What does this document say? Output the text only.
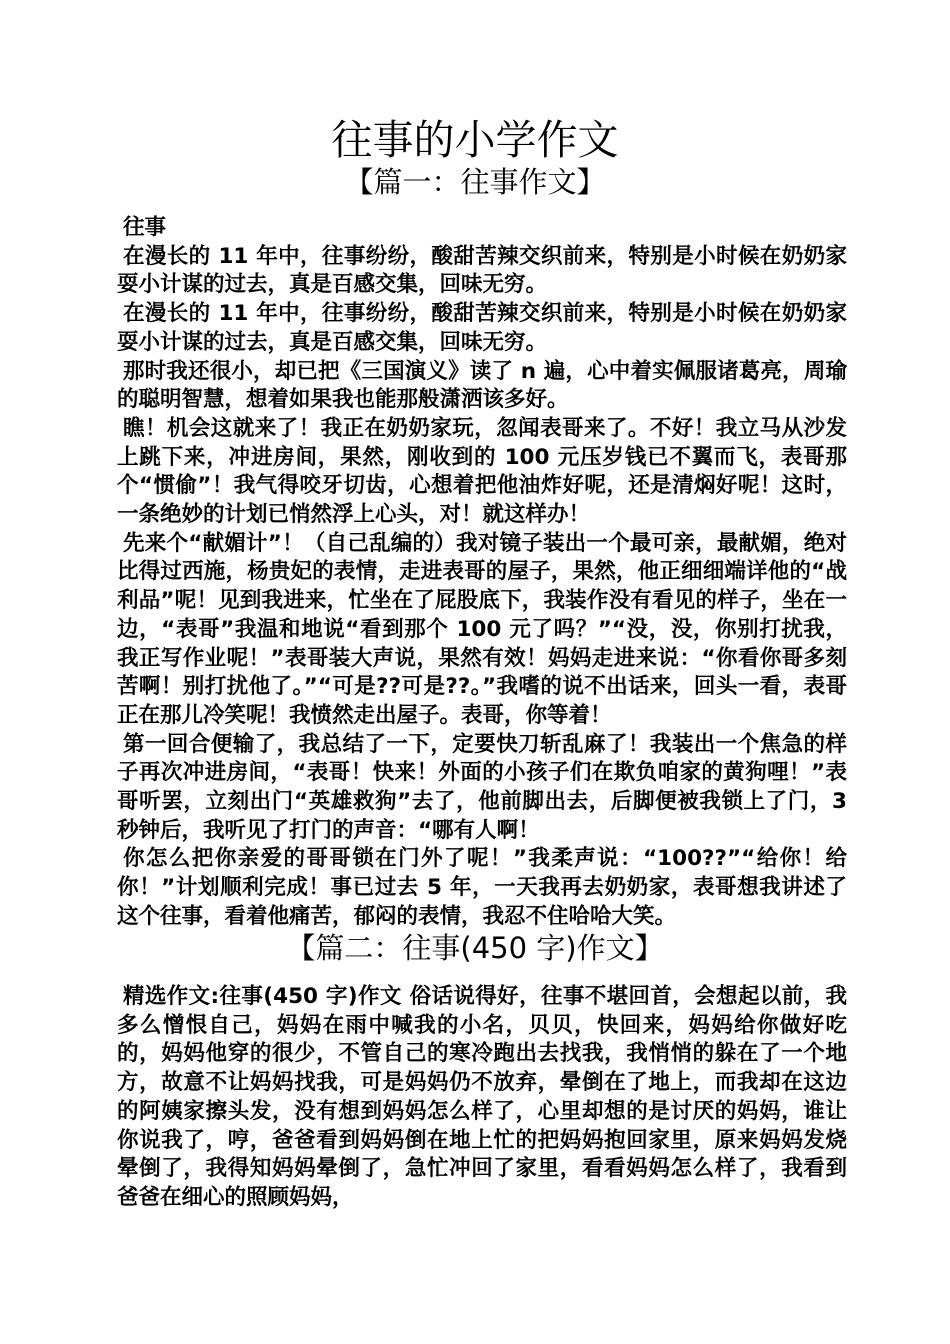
往事的小学作文
【篇一：往事作文】

往事

在漫长的 11 年中，往事纷纷，酸甜苦辣交织前来，特别是小时候在奶奶家耍小计谋的过去，真是百感交集，回味无穷。

在漫长的 11 年中，往事纷纷，酸甜苦辣交织前来，特别是小时候在奶奶家耍小计谋的过去，真是百感交集，回味无穷。

那时我还很小，却已把《三国演义》读了 n 遍，心中着实佩服诸葛亮，周瑜的聪明智慧，想着如果我也能那般潇洒该多好。

瞧！机会这就来了！我正在奶奶家玩，忽闻表哥来了。不好！我立马从沙发上跳下来，冲进房间，果然，刚收到的 100 元压岁钱已不翼而飞，表哥那个“惯偷”！我气得咬牙切齿，心想着把他油炸好呢，还是清焖好呢！这时，一条绝妙的计划已悄然浮上心头，对！就这样办！

先来个“献媚计”！（自己乱编的）我对镜子装出一个最可亲，最献媚，绝对比得过西施，杨贵妃的表情，走进表哥的屋子，果然，他正细细端详他的“战利品”呢！见到我进来，忙坐在了屁股底下，我装作没有看见的样子，坐在一边，“表哥”我温和地说“看到那个 100 元了吗？”“没，没，你别打扰我，我正写作业呢！”表哥装大声说，果然有效！妈妈走进来说：“你看你哥多刻苦啊！别打扰他了。”“可是??可是??。”我嗜的说不出话来，回头一看，表哥正在那儿冷笑呢！我愤然走出屋子。表哥，你等着！

第一回合便输了，我总结了一下，定要快刀斩乱麻了！我装出一个焦急的样子再次冲进房间，“表哥！快来！外面的小孩子们在欺负咱家的黄狗哩！”表哥听罢，立刻出门“英雄救狗”去了，他前脚出去，后脚便被我锁上了门，3 秒钟后，我听见了打门的声音：“哪有人啊！

你怎么把你亲爱的哥哥锁在门外了呢！”我柔声说：“100??”“给你！给你！”计划顺利完成！事已过去 5 年，一天我再去奶奶家，表哥想我讲述了这个往事，看着他痛苦，郁闷的表情，我忍不住哈哈大笑。

【篇二：往事(450 字)作文】

精选作文:往事(450 字)作文 俗话说得好，往事不堪回首，会想起以前，我多么憎恨自己，妈妈在雨中喊我的小名，贝贝，快回来，妈妈给你做好吃的，妈妈他穿的很少，不管自己的寒冷跑出去找我，我悄悄的躲在了一个地方，故意不让妈妈找我，可是妈妈仍不放弃，晕倒在了地上，而我却在这边的阿姨家擦头发，没有想到妈妈怎么样了，心里却想的是讨厌的妈妈，谁让你说我了，哼，爸爸看到妈妈倒在地上忙的把妈妈抱回家里，原来妈妈发烧晕倒了，我得知妈妈晕倒了，急忙冲回了家里，看看妈妈怎么样了，我看到爸爸在细心的照顾妈妈，
